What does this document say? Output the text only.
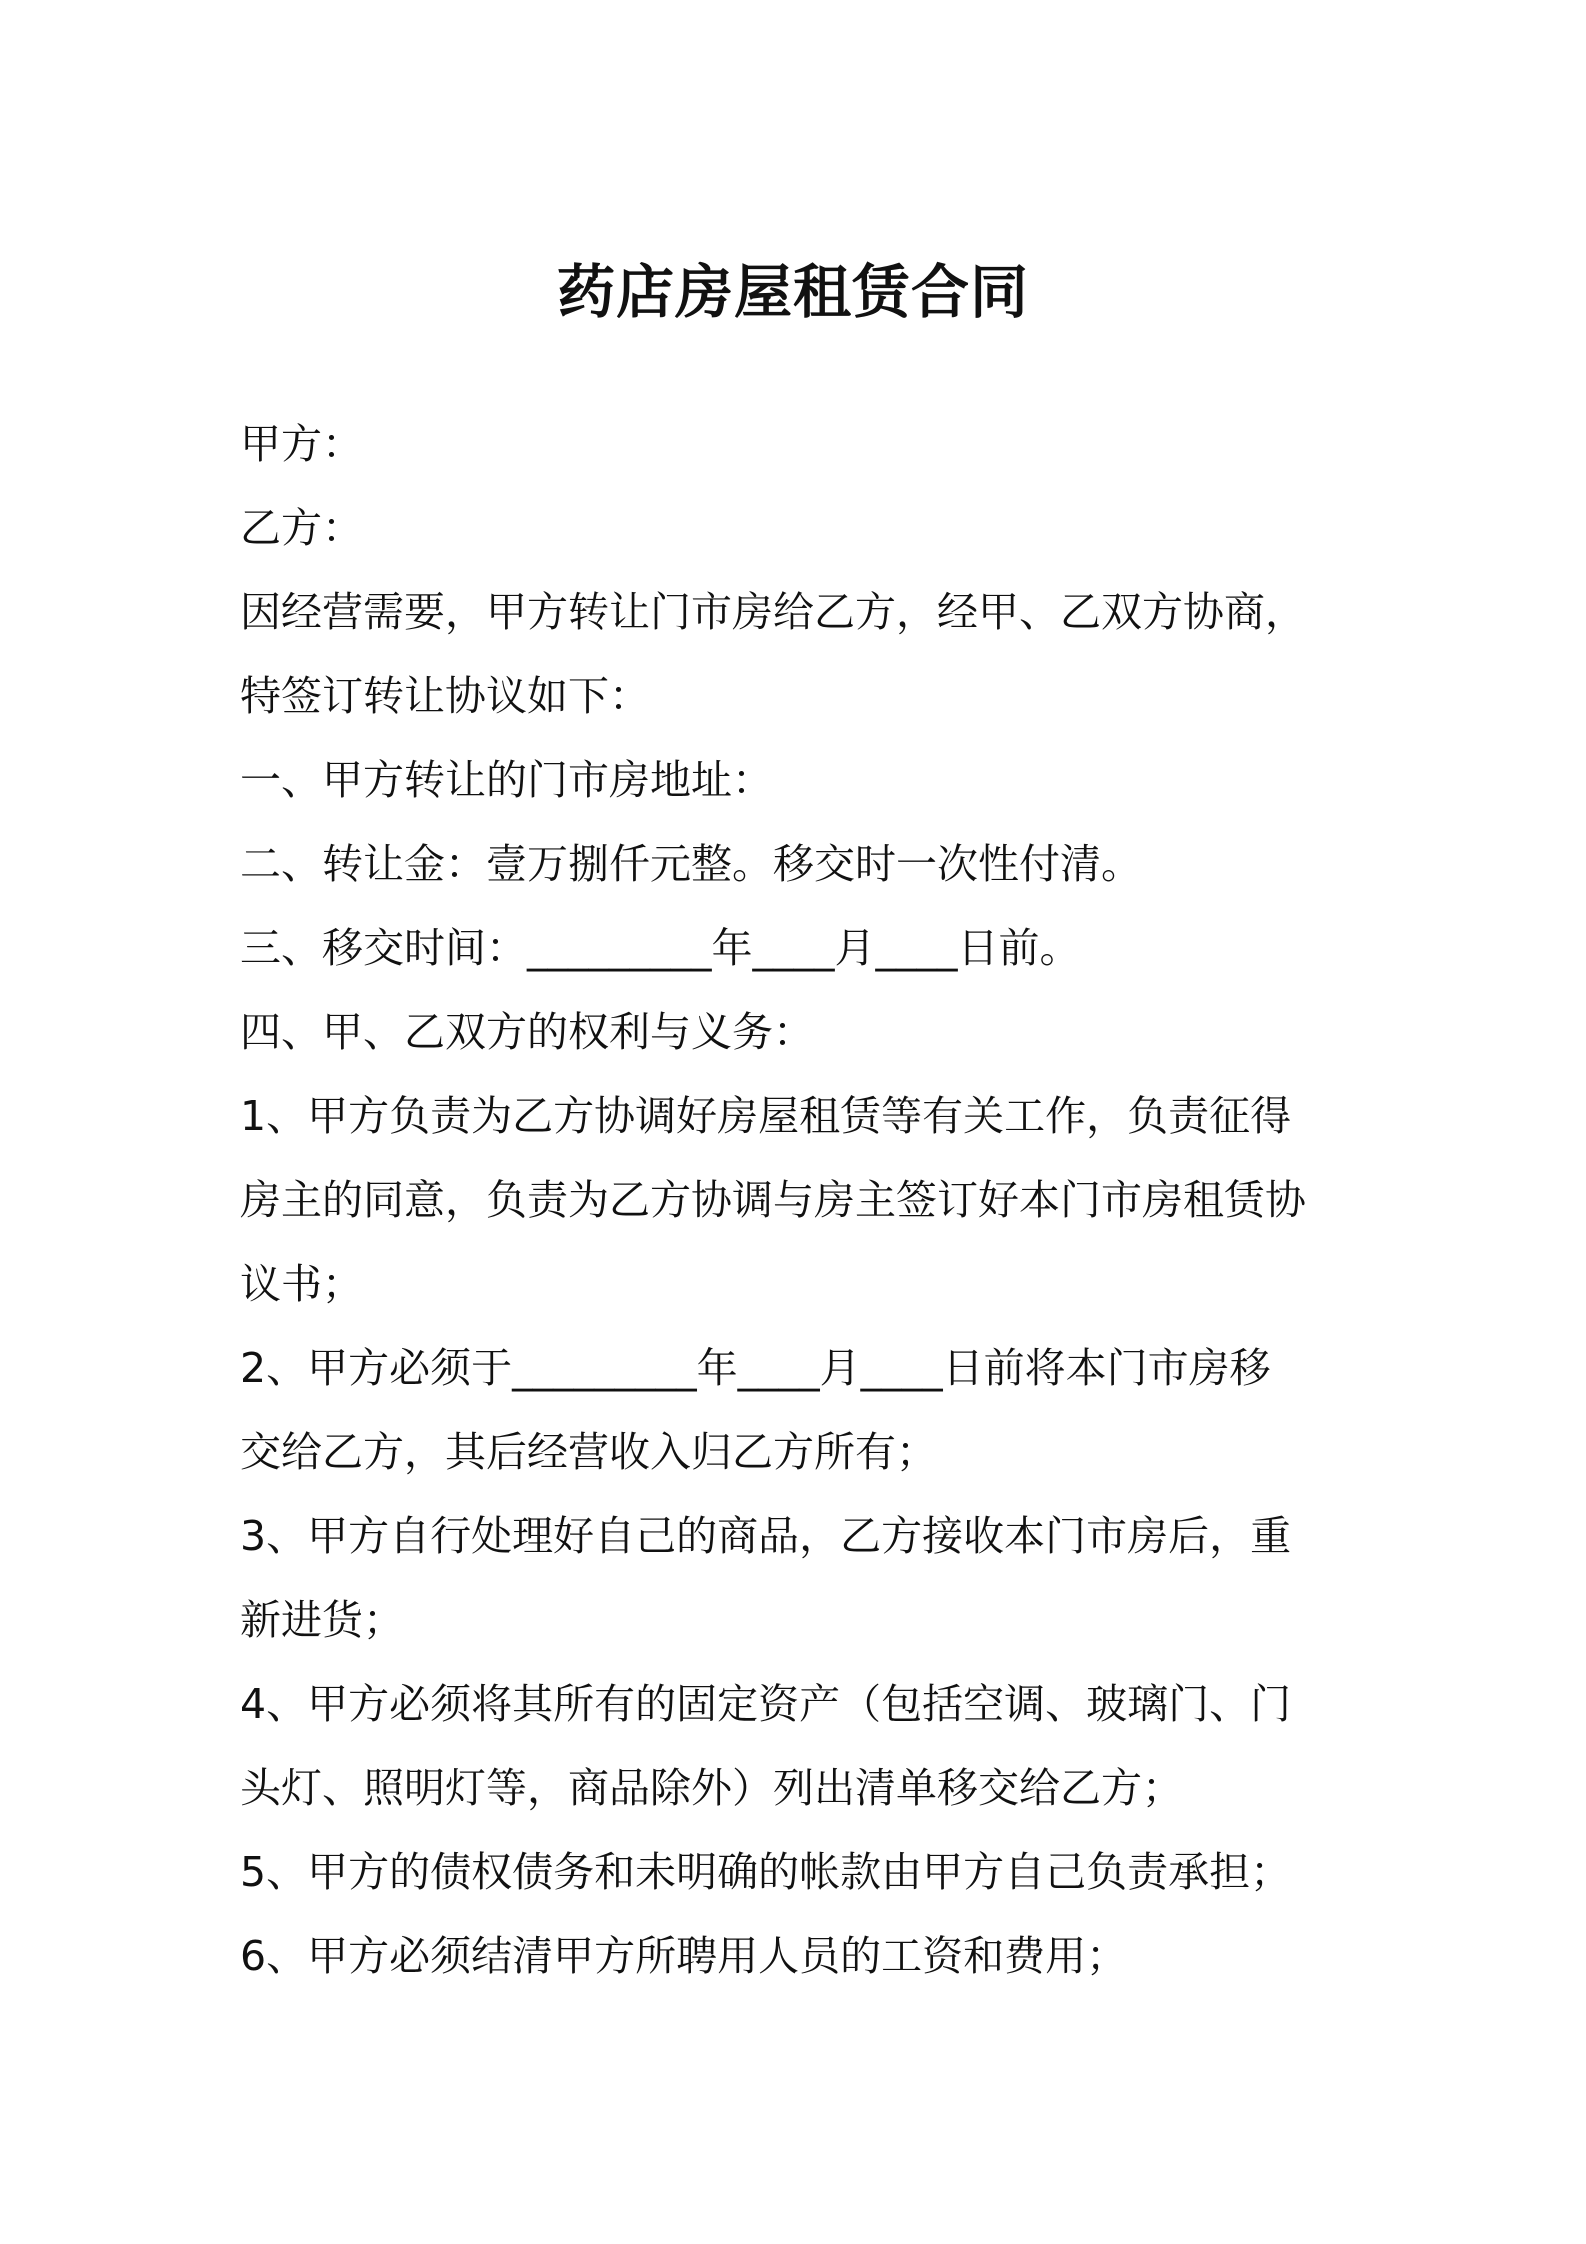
药店房屋租赁合同
甲方：
乙方：
因经营需要，甲方转让门市房给乙方，经甲、乙双方协商，
特签订转让协议如下：
一、甲方转让的门市房地址：
二、转让金：壹万捌仟元整。移交时一次性付清。
三、移交时间：_________年____月____日前。
四、甲、乙双方的权利与义务：
1、甲方负责为乙方协调好房屋租赁等有关工作，负责征得
房主的同意，负责为乙方协调与房主签订好本门市房租赁协
议书；
2、甲方必须于_________年____月____日前将本门市房移
交给乙方，其后经营收入归乙方所有；
3、甲方自行处理好自己的商品，乙方接收本门市房后，重
新进货；
4、甲方必须将其所有的固定资产（包括空调、玻璃门、门
头灯、照明灯等，商品除外）列出清单移交给乙方；
5、甲方的债权债务和未明确的帐款由甲方自己负责承担；
6、甲方必须结清甲方所聘用人员的工资和费用；
